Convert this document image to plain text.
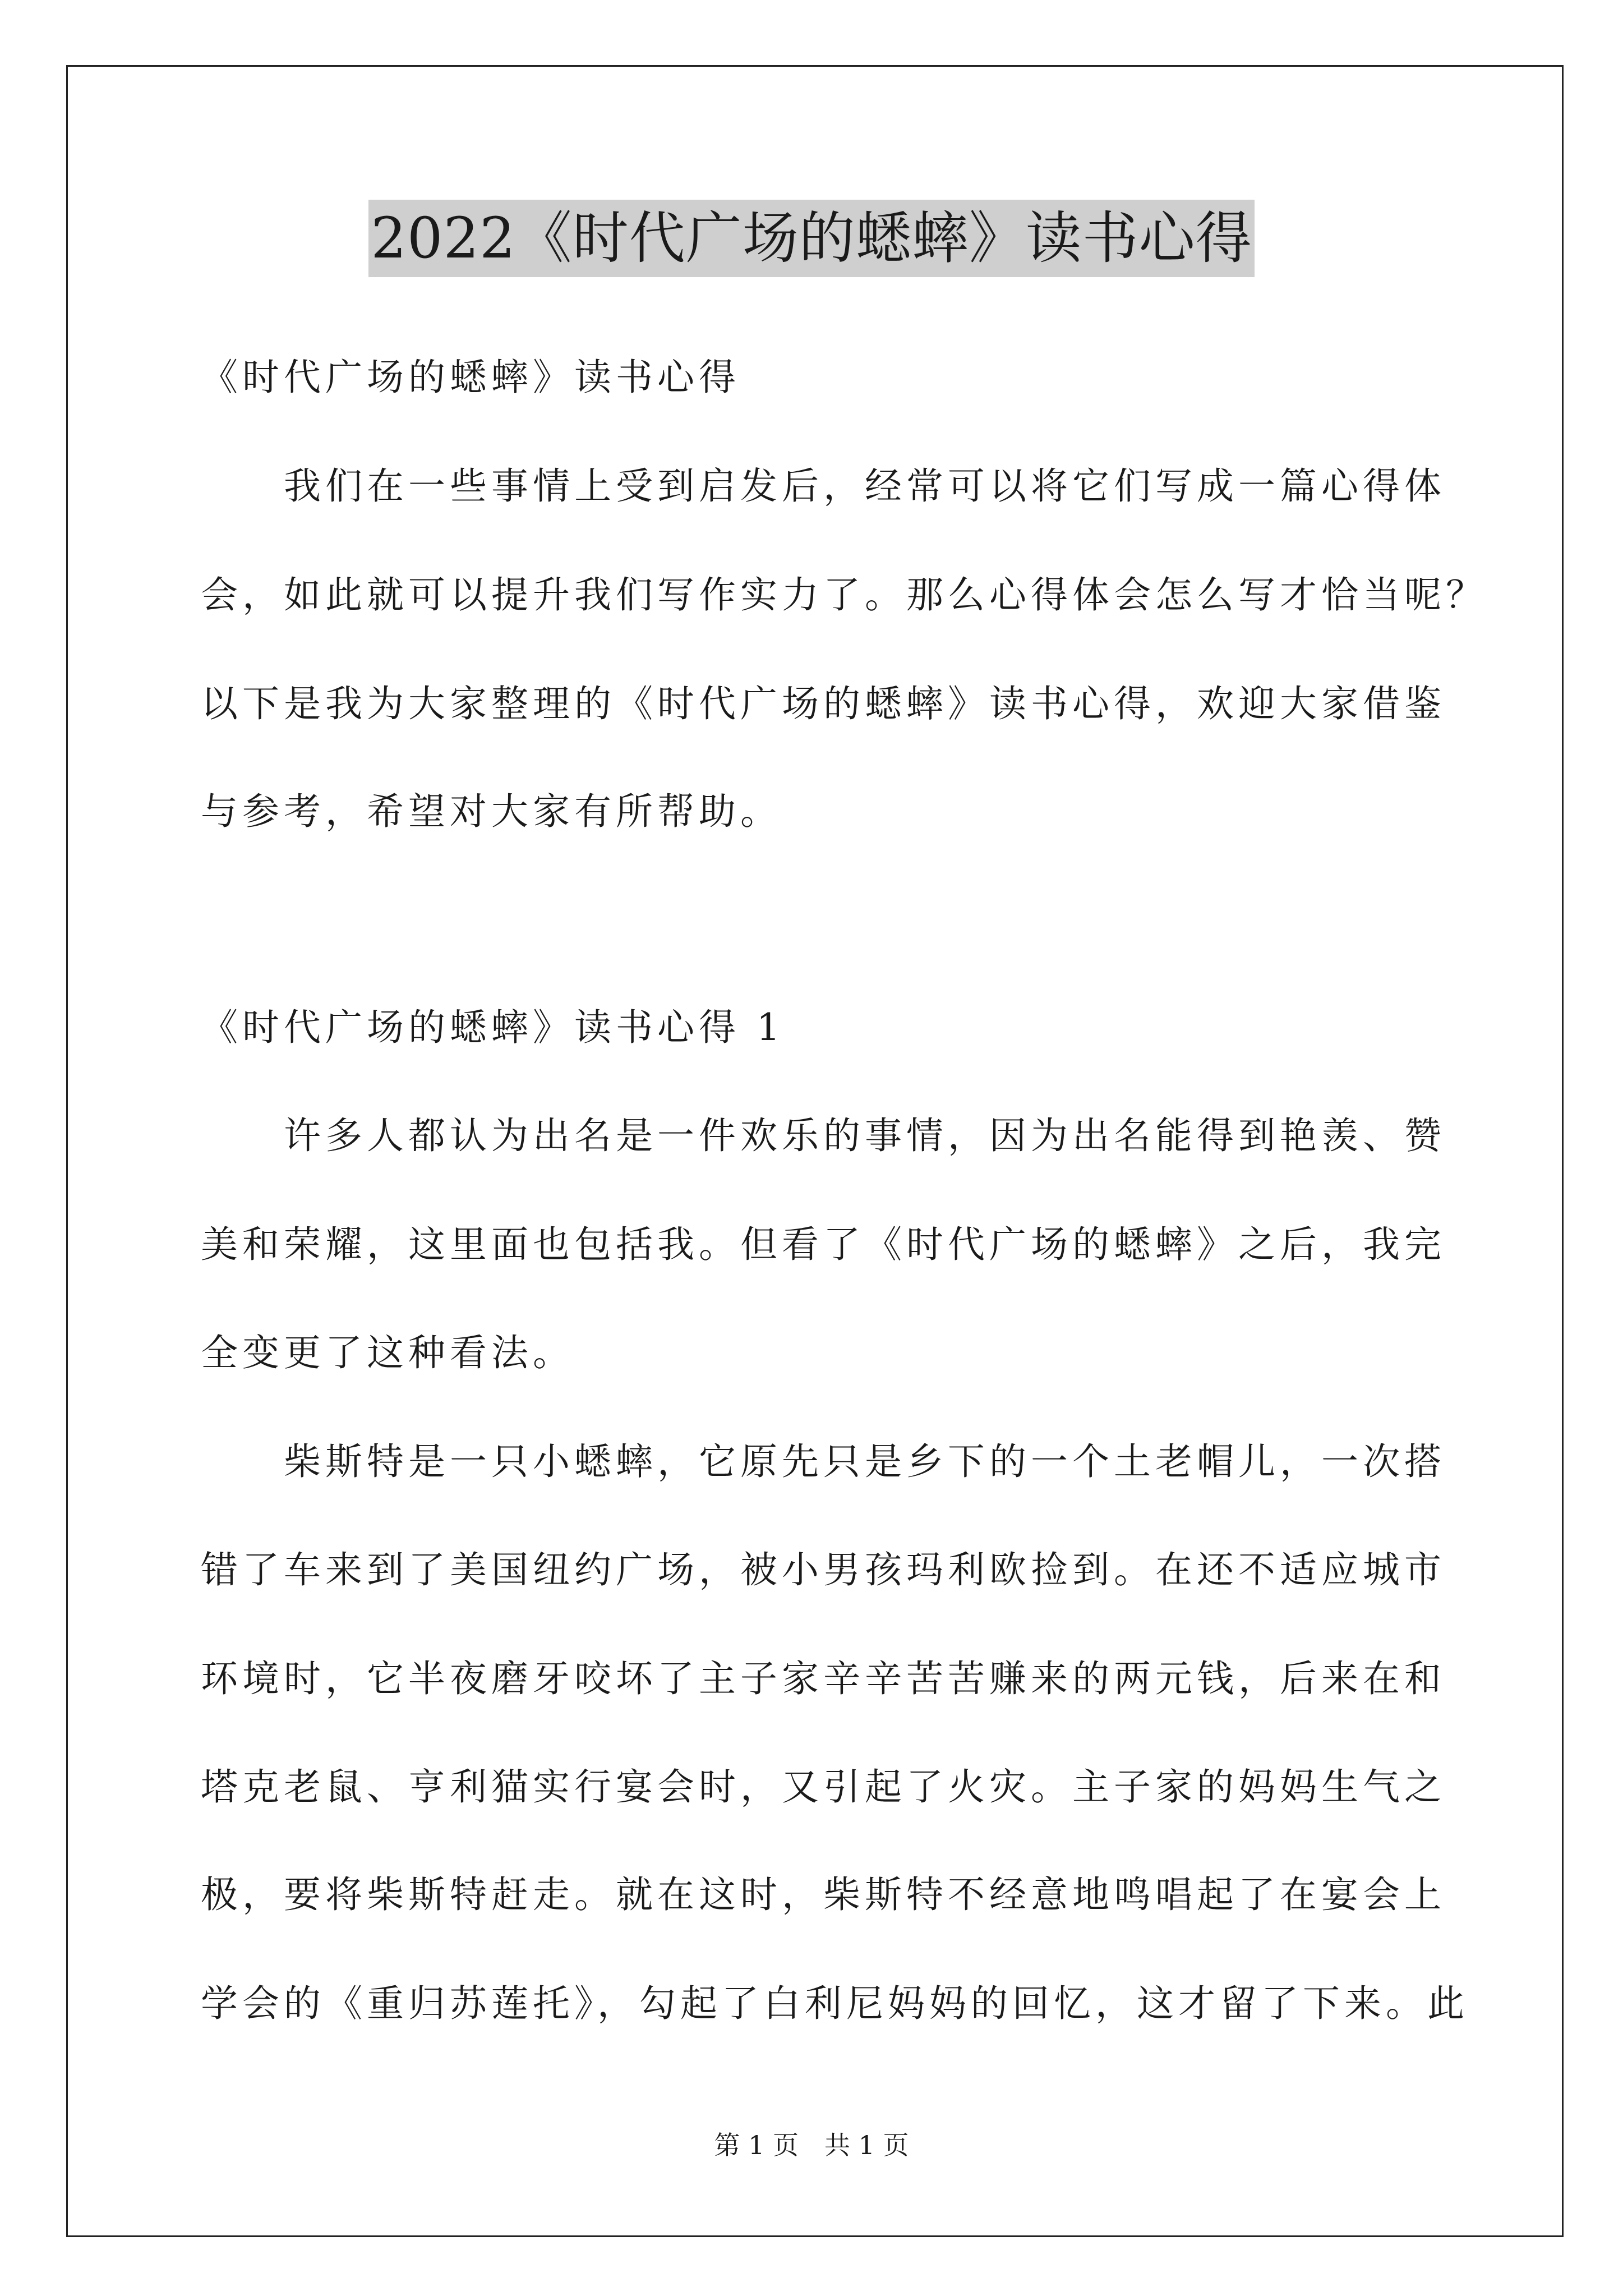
2022《时代广场的蟋蟀》读书心得
《时代广场的蟋蟀》读书心得
我们在一些事情上受到启发后，经常可以将它们写成一篇心得体
会，如此就可以提升我们写作实力了。那么心得体会怎么写才恰当呢？
以下是我为大家整理的《时代广场的蟋蟀》读书心得，欢迎大家借鉴
与参考，希望对大家有所帮助。
《时代广场的蟋蟀》读书心得 1
许多人都认为出名是一件欢乐的事情，因为出名能得到艳羡、赞
美和荣耀，这里面也包括我。但看了《时代广场的蟋蟀》之后，我完
全变更了这种看法。
柴斯特是一只小蟋蟀，它原先只是乡下的一个土老帽儿，一次搭
错了车来到了美国纽约广场，被小男孩玛利欧捡到。在还不适应城市
环境时，它半夜磨牙咬坏了主子家辛辛苦苦赚来的两元钱，后来在和
塔克老鼠、亨利猫实行宴会时，又引起了火灾。主子家的妈妈生气之
极，要将柴斯特赶走。就在这时，柴斯特不经意地鸣唱起了在宴会上
学会的《重归苏莲托》，勾起了白利尼妈妈的回忆，这才留了下来。此
第 1 页 共 1 页
